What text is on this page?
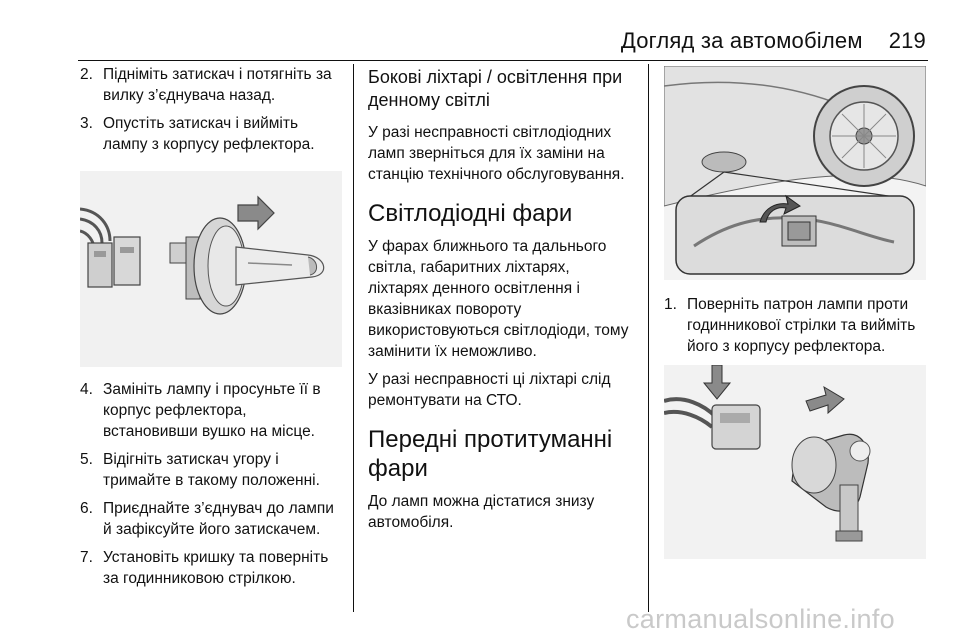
Догляд за автомобілем 219
2. Підніміть затискач і потягніть за вилку з’єднувача назад.
3. Опустіть затискач і вийміть лампу з корпусу рефлектора.
4. Замініть лампу і просуньте її в корпус рефлектора, встановивши вушко на місце.
5. Відігніть затискач угору і тримайте в такому положенні.
6. Приєднайте з’єднувач до лампи й зафіксуйте його затискачем.
7. Установіть кришку та поверніть за годинниковою стрілкою.
Бокові ліхтарі / освітлення при денному світлі

У разі несправності світлодіодних ламп зверніться для їх заміни на станцію технічного обслуговування.

Світлодіодні фари

У фарах ближнього та дальнього світла, габаритних ліхтарях, ліхтарях денного освітлення і вказівниках повороту використовуються світлодіоди, тому замінити їх неможливо.

У разі несправності ці ліхтарі слід ремонтувати на СТО.

Передні протитуманні фари

До ламп можна дістатися знизу автомобіля.

1. Поверніть патрон лампи проти годинникової стрілки та вийміть його з корпусу рефлектора.
carmanualsonline.info
